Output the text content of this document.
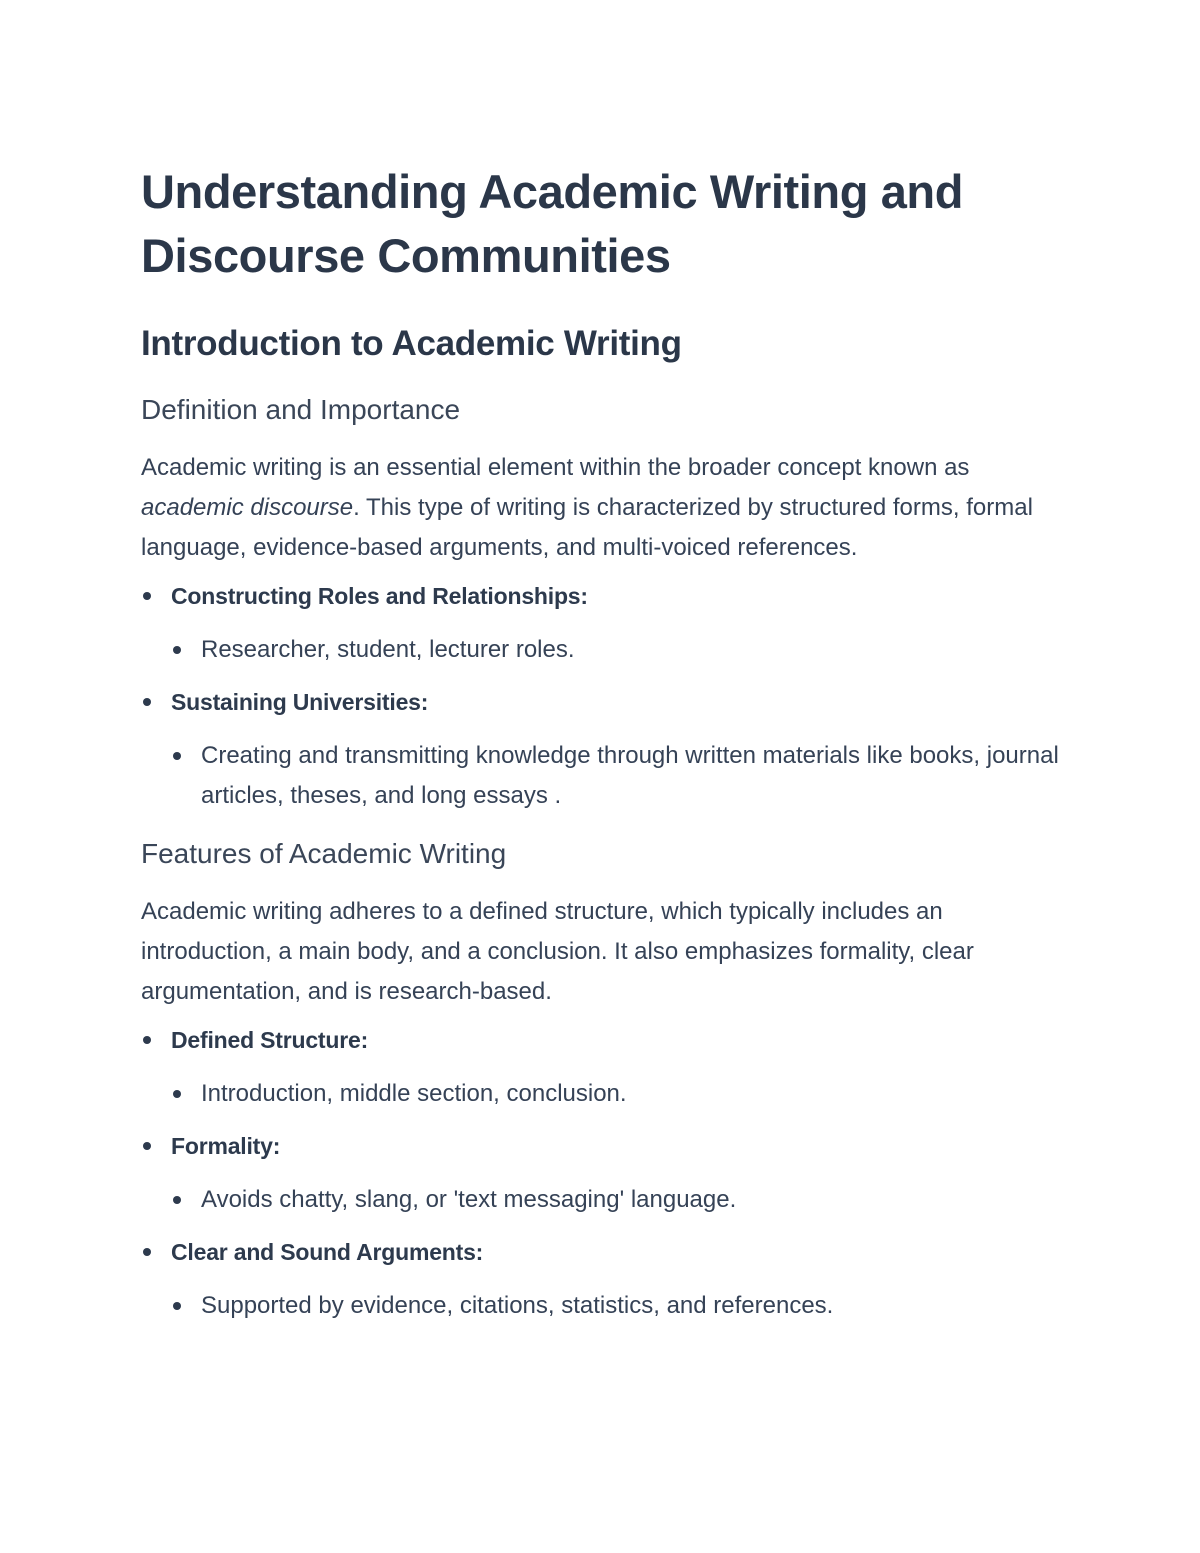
Understanding Academic Writing and Discourse Communities
Introduction to Academic Writing
Definition and Importance

Academic writing is an essential element within the broader concept known as academic discourse. This type of writing is characterized by structured forms, formal language, evidence-based arguments, and multi-voiced references.

Constructing Roles and Relationships:
Researcher, student, lecturer roles.
Sustaining Universities:
Creating and transmitting knowledge through written materials like books, journal articles, theses, and long essays .
Features of Academic Writing

Academic writing adheres to a defined structure, which typically includes an introduction, a main body, and a conclusion. It also emphasizes formality, clear argumentation, and is research-based.

Defined Structure:
Introduction, middle section, conclusion.
Formality:
Avoids chatty, slang, or 'text messaging' language.
Clear and Sound Arguments:
Supported by evidence, citations, statistics, and references.
